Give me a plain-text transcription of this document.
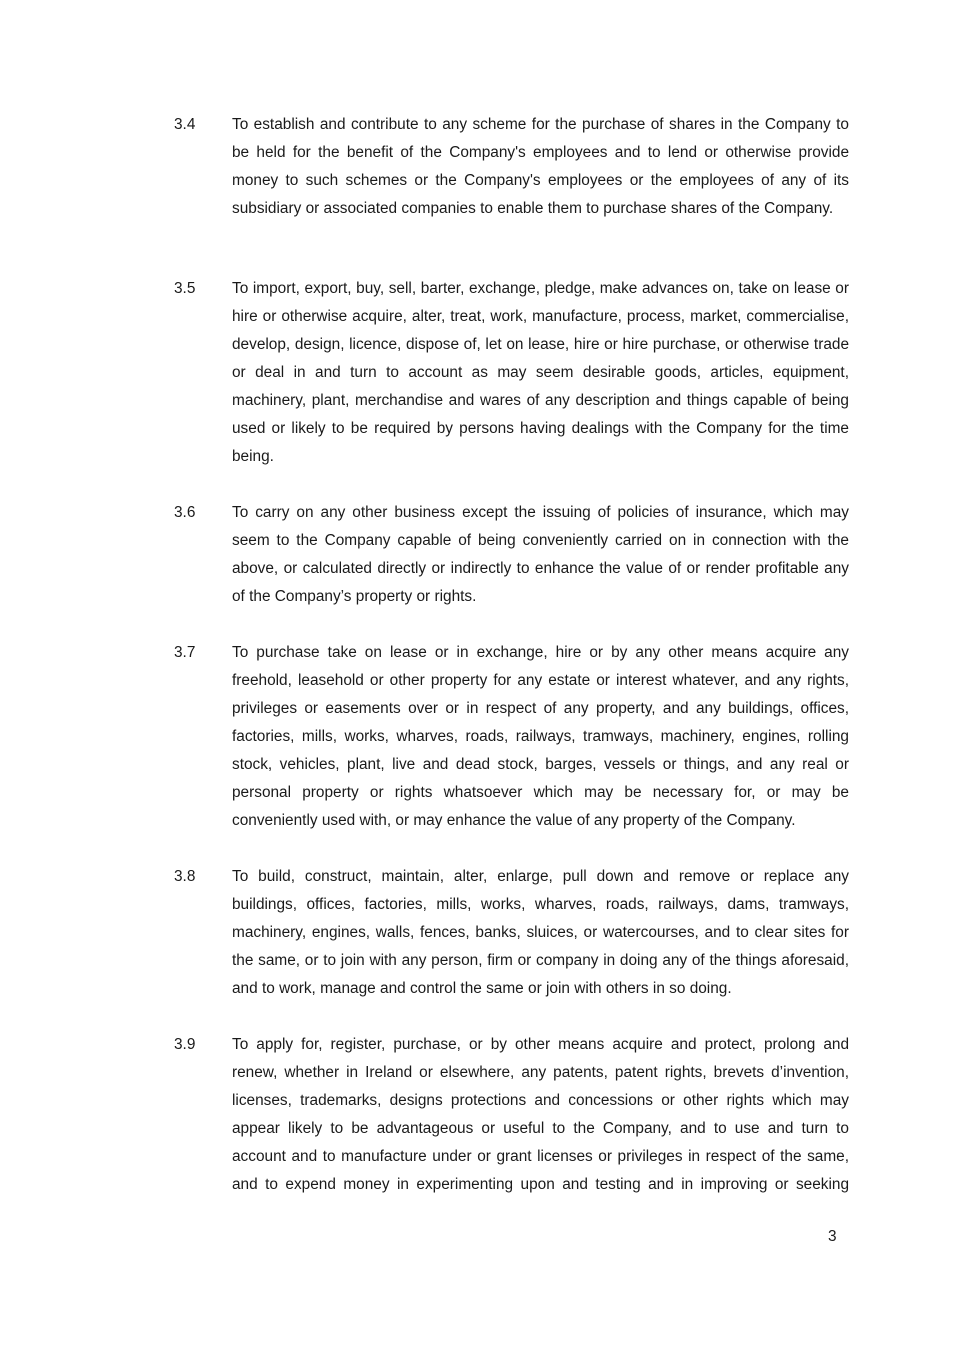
3.4	To establish and contribute to any scheme for the purchase of shares in the Company to be held for the benefit of the Company's employees and to lend or otherwise provide money to such schemes or the Company's employees or the employees of any of its subsidiary or associated companies to enable them to purchase shares of the Company.
3.5	To import, export, buy, sell, barter, exchange, pledge, make advances on, take on lease or hire or otherwise acquire, alter, treat, work, manufacture, process, market, commercialise, develop, design, licence, dispose of, let on lease, hire or hire purchase, or otherwise trade or deal in and turn to account as may seem desirable goods, articles, equipment, machinery, plant, merchandise and wares of any description and things capable of being used or likely to be required by persons having dealings with the Company for the time being.
3.6	To carry on any other business except the issuing of policies of insurance, which may seem to the Company capable of being conveniently carried on in connection with the above, or calculated directly or indirectly to enhance the value of or render profitable any of the Company’s property or rights.
3.7	To purchase take on lease or in exchange, hire or by any other means acquire any freehold, leasehold or other property for any estate or interest whatever, and any rights, privileges or easements over or in respect of any property, and any buildings, offices, factories, mills, works, wharves, roads, railways, tramways, machinery, engines, rolling stock, vehicles, plant, live and dead stock, barges, vessels or things, and any real or personal property or rights whatsoever which may be necessary for, or may be conveniently used with, or may enhance the value of any property of the Company.
3.8	To build, construct, maintain, alter, enlarge, pull down and remove or replace any buildings, offices, factories, mills, works, wharves, roads, railways, dams, tramways, machinery, engines, walls, fences, banks, sluices, or watercourses, and to clear sites for the same, or to join with any person, firm or company in doing any of the things aforesaid, and to work, manage and control the same or join with others in so doing.
3.9	To apply for, register, purchase, or by other means acquire and protect, prolong and renew, whether in Ireland or elsewhere, any patents, patent rights, brevets d’invention, licenses, trademarks, designs protections and concessions or other rights which may appear likely to be advantageous or useful to the Company, and to use and turn to account and to manufacture under or grant licenses or privileges in respect of the same, and to expend money in experimenting upon and testing and in improving or seeking
3
